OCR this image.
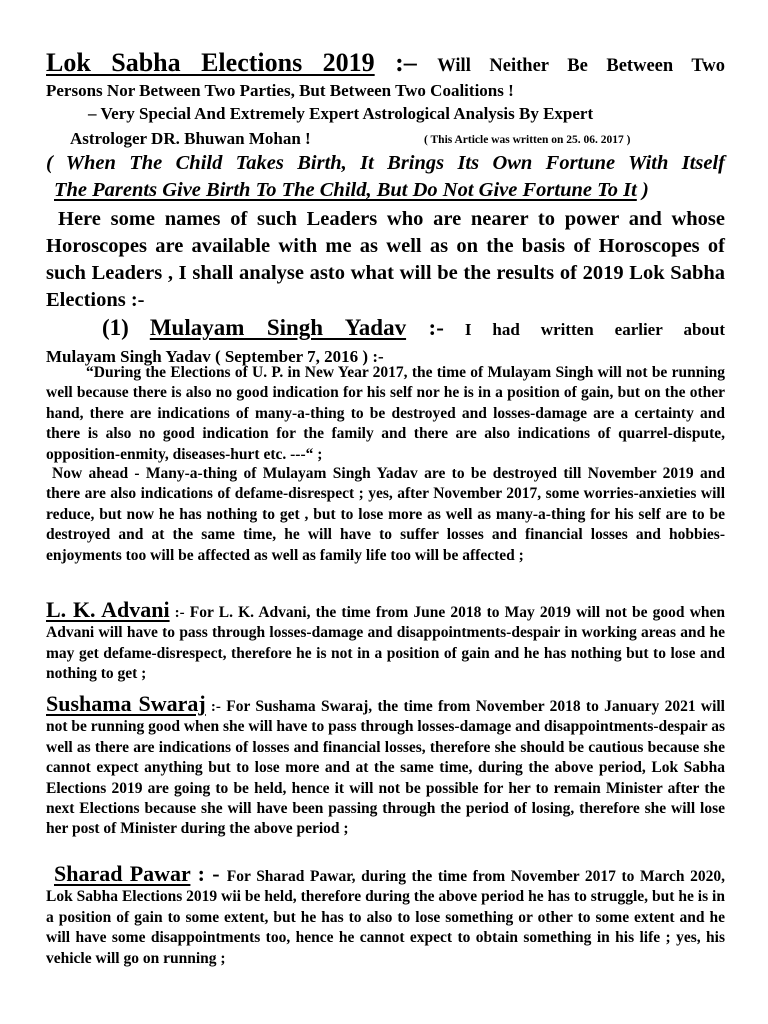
Lok Sabha Elections 2019 :– Will Neither Be Between Two

Persons Nor Between Two Parties, But Between Two Coalitions !

– Very Special And Extremely Expert Astrological Analysis By Expert

Astrologer DR. Bhuwan Mohan !	( This Article was written on 25. 06. 2017 )

( When The Child Takes Birth, It Brings Its Own Fortune With Itself

The Parents Give Birth To The Child, But Do Not Give Fortune To It )

Here some names of such Leaders who are nearer to power and whose Horoscopes are available with me as well as on the basis of Horoscopes of such Leaders , I shall analyse asto what will be the results of 2019 Lok Sabha Elections :-

(1) Mulayam Singh Yadav :- I had written earlier about

Mulayam Singh Yadav ( September 7, 2016 ) :-

“During the Elections of U. P. in New Year 2017, the time of Mulayam Singh will not be running well because there is also no good indication for his self nor he is in a position of gain, but on the other hand, there are indications of many-a-thing to be destroyed and losses-damage are a certainty and there is also no good indication for the family and there are also indications of quarrel-dispute, opposition-enmity, diseases-hurt etc. ---“ ;

Now ahead - Many-a-thing of Mulayam Singh Yadav are to be destroyed till November 2019 and there are also indications of defame-disrespect ; yes, after November 2017, some worries-anxieties will reduce, but now he has nothing to get , but to lose more as well as many-a-thing for his self are to be destroyed and at the same time, he will have to suffer losses and financial losses and hobbies-enjoyments too will be affected as well as family life too will be affected ;

L. K. Advani :- For L. K. Advani, the time from June 2018 to May 2019 will not be good when Advani will have to pass through losses-damage and disappointments-despair in working areas and he may get defame-disrespect, therefore he is not in a position of gain and he has nothing but to lose and nothing to get ;

Sushama Swaraj :- For Sushama Swaraj, the time from November 2018 to January 2021 will not be running good when she will have to pass through losses-damage and disappointments-despair as well as there are indications of losses and financial losses, therefore she should be cautious because she cannot expect anything but to lose more and at the same time, during the above period, Lok Sabha Elections 2019 are going to be held, hence it will not be possible for her to remain Minister after the next Elections because she will have been passing through the period of losing, therefore she will lose her post of Minister during the above period ;

Sharad Pawar : - For Sharad Pawar, during the time from November 2017 to March 2020, Lok Sabha Elections 2019 wii be held, therefore during the above period he has to struggle, but he is in a position of gain to some extent, but he has to also to lose something or other to some extent and he will have some disappointments too, hence he cannot expect to obtain something in his life ; yes, his vehicle will go on running ;
